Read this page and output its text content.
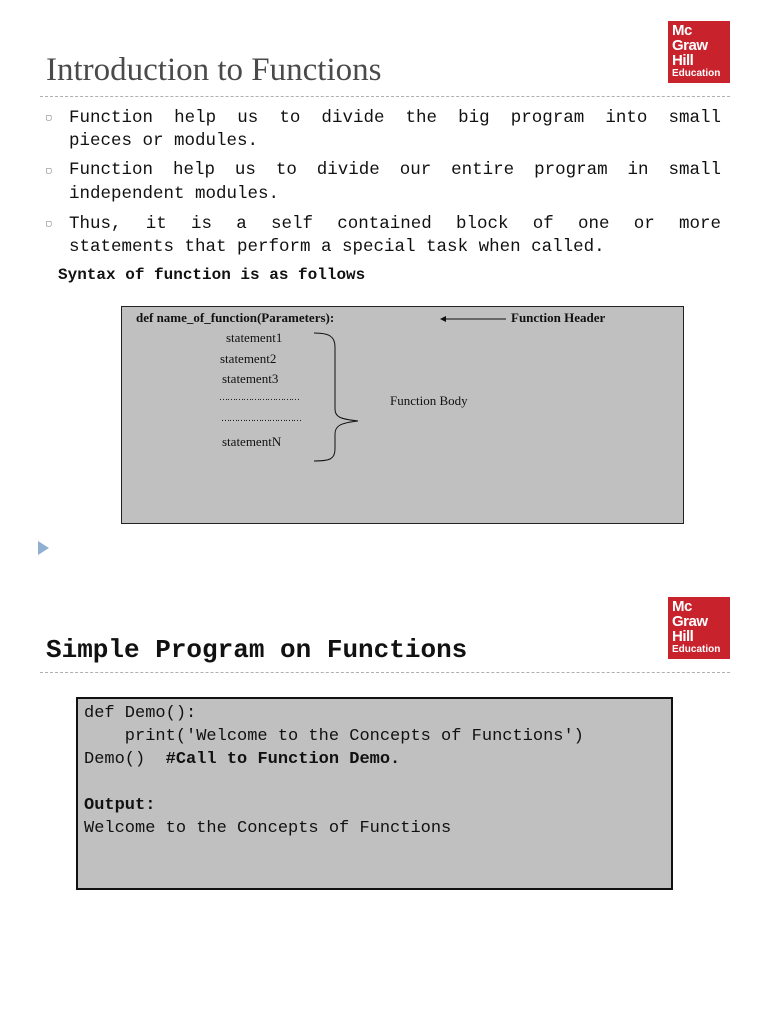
Introduction to Functions
Mc
Graw
Hill
Education
▢ Function help us to divide the big program into small
pieces or modules.
▢ Function help us to divide our entire program in small
independent modules.
▢ Thus, it is a self contained block of one or more
statements that perform a special task when called.
Syntax of function is as follows
def name_of_function(Parameters):	Function Header
statement1
statement2
statement3
…………………………
…………………………
statementN
Function Body
Mc
Graw
Hill
Education
Simple Program on Functions
def Demo():
print('Welcome to the Concepts of Functions')
Demo()  #Call to Function Demo.
Output:
Welcome to the Concepts of Functions
